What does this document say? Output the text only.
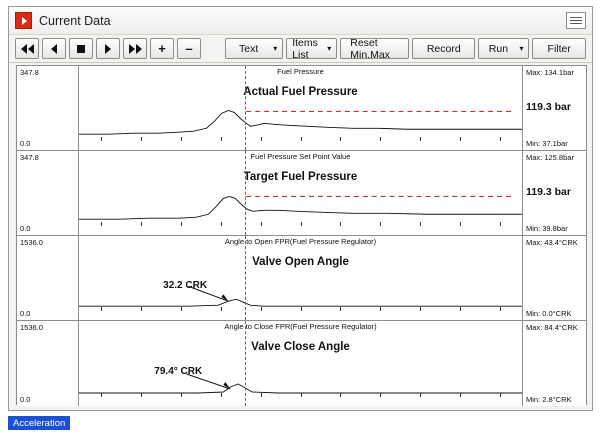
Current Data
+ –	Text	▾ Items List
▾	Reset Min.Max	Record	Run	▾	Filter
347.8
0.0
Fuel Pressure
Actual Fuel Pressure
Max: 134.1bar
119.3 bar
Min: 37.1bar
347.8
0.0
Fuel Pressure Set Point Value
Target Fuel Pressure
Max: 125.8bar
119.3 bar
Min: 39.8bar
1536.0
0.0
Angle to Open FPR(Fuel Pressure Regulator)
Valve Open Angle
32.2 CRK
Max: 43.4°CRK
Min: 0.0°CRK
1536.0
0.0
Angle to Close FPR(Fuel Pressure Regulator)
Valve Close Angle
79.4° CRK
Max: 84.4°CRK
Min: 2.8°CRK
Acceleration
